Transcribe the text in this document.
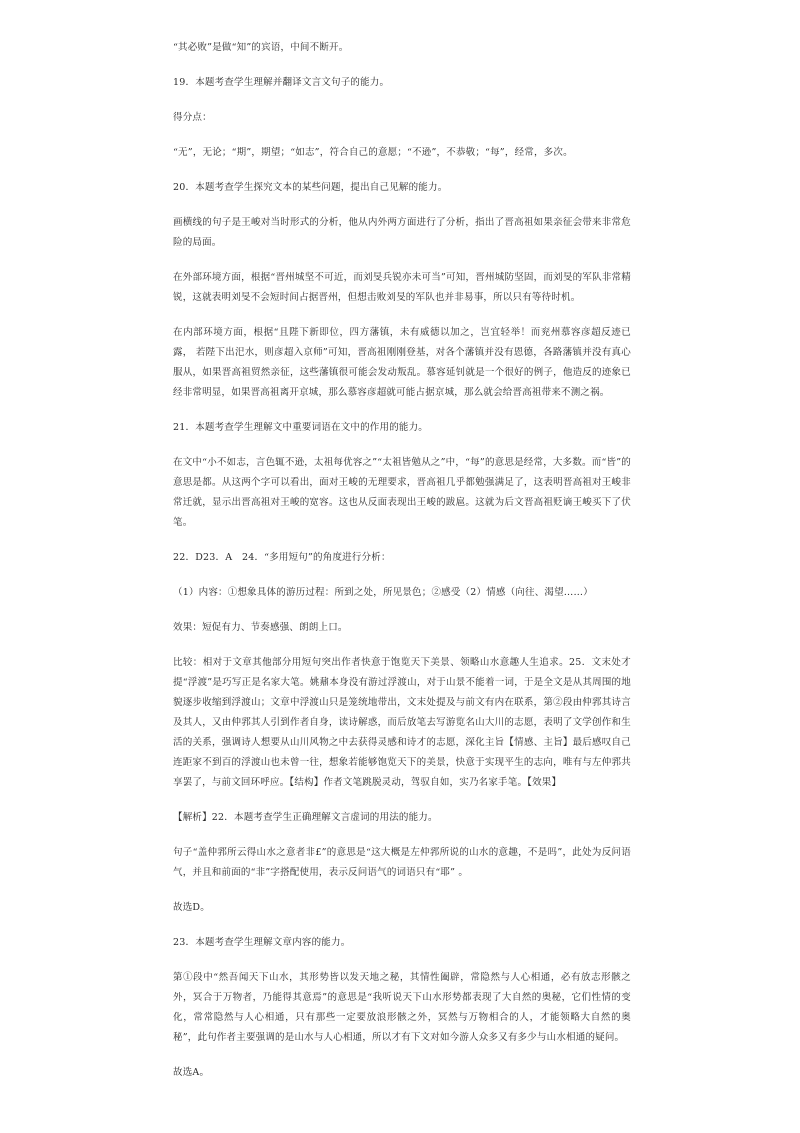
“其必败”是做“知”的宾语，中间不断开。

19．本题考查学生理解并翻译文言文句子的能力。

得分点：

“无”，无论；“期”，期望；“如志”，符合自己的意愿；“不逊”，不恭敬；“每”，经常，多次。

20．本题考查学生探究文本的某些问题，提出自己见解的能力。

画横线的句子是王峻对当时形式的分析，他从内外两方面进行了分析，指出了晋高祖如果亲征会带来非常危险的局面。

在外部环境方面，根据“晋州城坚不可近，而刘旻兵锐亦未可当”可知，晋州城防坚固，而刘旻的军队非常精锐，这就表明刘旻不会短时间占据晋州，但想击败刘旻的军队也并非易事，所以只有等待时机。

在内部环境方面，根据“且陛下新即位，四方藩镇，未有威德以加之，岂宜轻举！而兖州慕容彦超反迹已露， 若陛下出汜水，则彦超入京师”可知，晋高祖刚刚登基，对各个藩镇并没有恩德，各路藩镇并没有真心服从，如果晋高祖贸然亲征，这些藩镇很可能会发动叛乱。慕容延钊就是一个很好的例子，他造反的迹象已经非常明显，如果晋高祖离开京城，那么慕容彦超就可能占据京城，那么就会给晋高祖带来不测之祸。

21．本题考查学生理解文中重要词语在文中的作用的能力。

在文中“小不如志，言色辄不逊，太祖每优容之”“太祖皆勉从之”中，“每”的意思是经常，大多数。而“皆”的意思是都。从这两个字可以看出，面对王峻的无理要求，晋高祖几乎都勉强满足了，这表明晋高祖对王峻非常迁就，显示出晋高祖对王峻的宽容。这也从反面表现出王峻的跋扈。这就为后文晋高祖贬谪王峻买下了伏笔。

22．D23．A　24．“多用短句”的角度进行分析：

（1）内容：①想象具体的游历过程：所到之处，所见景色；②感受（2）情感（向往、渴望……）

效果：短促有力、节奏感强、朗朗上口。

比较：相对于文章其他部分用短句突出作者快意于饱览天下美景、领略山水意趣人生追求。25．文末处才提“浮渡”是巧写正是名家大笔。姚鼐本身没有游过浮渡山，对于山景不能着一词，于是全文是从其周围的地貌逐步收缩到浮渡山；文章中浮渡山只是笼统地带出，文末处提及与前文有内在联系，第②段由仲郛其诗言及其人，又由仲郛其人引到作者自身，读诗解惑，而后放笔去写游览名山大川的志愿，表明了文学创作和生活的关系，强调诗人想要从山川风物之中去获得灵感和诗才的志愿，深化主旨【情感、主旨】最后感叹自己连距家不到百的浮渡山也未曾一往，想象若能够饱览天下的美景，快意于实现平生的志向，唯有与左仲郛共享罢了，与前文回环呼应。【结构】作者文笔跳脱灵动，驾驭自如，实乃名家手笔。【效果】

【解析】22．本题考查学生正确理解文言虚词的用法的能力。

句子“盖仲郛所云得山水之意者非£”的意思是“这大概是左仲郛所说的山水的意趣，不是吗”，此处为反问语气，并且和前面的“非”字搭配使用，表示反问语气的词语只有“耶” 。

故选D。

23．本题考查学生理解文章内容的能力。

第①段中“然吾闻天下山水，其形势皆以发天地之秘，其情性阖辟，常隐然与人心相通，必有放志形骸之外，冥合于万物者，乃能得其意焉”的意思是“我听说天下山水形势都表现了大自然的奥秘，它们性情的变化，常常隐然与人心相通，只有那些一定要放浪形骸之外，冥然与万物相合的人，才能领略大自然的奥秘”，此句作者主要强调的是山水与人心相通，所以才有下文对如今游人众多又有多少与山水相通的疑问。

故选A。
